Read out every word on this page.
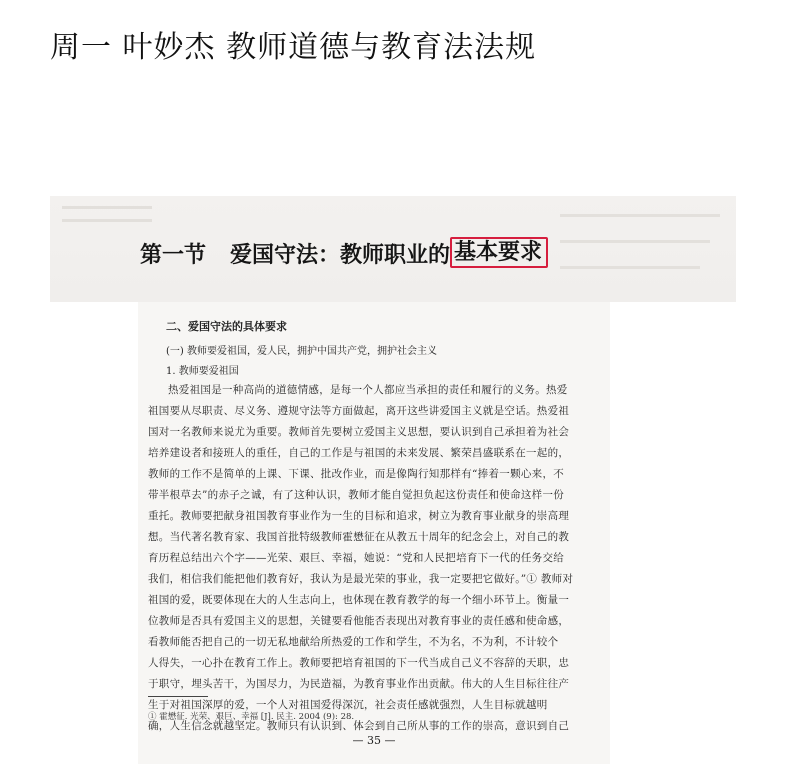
周一 叶妙杰 教师道德与教育法法规
第一节 爱国守法：教师职业的 基本要求
二、爱国守法的具体要求
(一) 教师要爱祖国，爱人民，拥护中国共产党，拥护社会主义
1. 教师要爱祖国
热爱祖国是一种高尚的道德情感，是每一个人都应当承担的责任和履行的义务。热爱
祖国要从尽职责、尽义务、遵规守法等方面做起，离开这些讲爱国主义就是空话。热爱祖
国对一名教师来说尤为重要。教师首先要树立爱国主义思想，要认识到自己承担着为社会
培养建设者和接班人的重任，自己的工作是与祖国的未来发展、繁荣昌盛联系在一起的，
教师的工作不是简单的上课、下课、批改作业，而是像陶行知那样有“捧着一颗心来，不
带半根草去”的赤子之诚，有了这种认识，教师才能自觉担负起这份责任和使命这样一份
重托。教师要把献身祖国教育事业作为一生的目标和追求，树立为教育事业献身的崇高理
想。当代著名教育家、我国首批特级教师霍懋征在从教五十周年的纪念会上，对自己的教
育历程总结出六个字——光荣、艰巨、幸福，她说：“党和人民把培育下一代的任务交给
我们，相信我们能把他们教育好，我认为是最光荣的事业，我一定要把它做好。”① 教师对
祖国的爱，既要体现在大的人生志向上，也体现在教育教学的每一个细小环节上。衡量一
位教师是否具有爱国主义的思想，关键要看他能否表现出对教育事业的责任感和使命感，
看教师能否把自己的一切无私地献给所热爱的工作和学生，不为名，不为利，不计较个
人得失，一心扑在教育工作上。教师要把培育祖国的下一代当成自己义不容辞的天职，忠
于职守，埋头苦干，为国尽力，为民造福，为教育事业作出贡献。伟大的人生目标往往产
生于对祖国深厚的爱，一个人对祖国爱得深沉，社会责任感就强烈，人生目标就越明
确，人生信念就越坚定。教师只有认识到、体会到自己所从事的工作的崇高，意识到自己
① 霍懋征. 光荣、艰巨、幸福 [J]. 民主. 2004 (9): 28.
— 35 —
